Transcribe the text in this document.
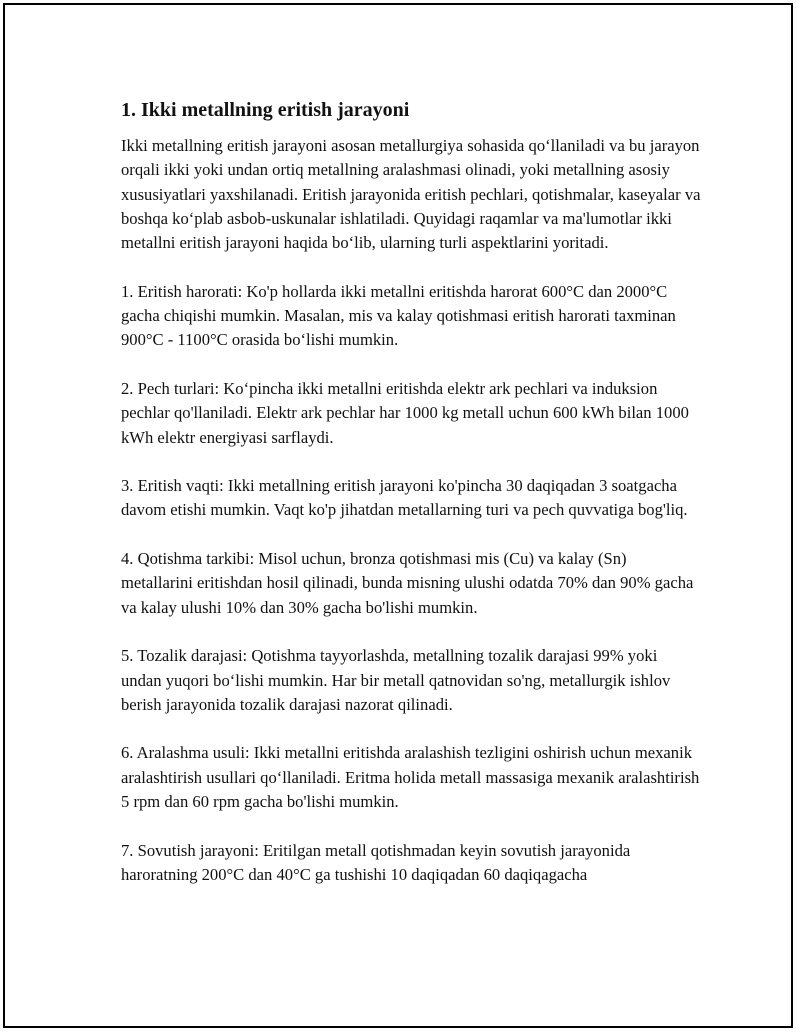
1. Ikki metallning eritish jarayoni

Ikki metallning eritish jarayoni asosan metallurgiya sohasida qo‘llaniladi va bu jarayon orqali ikki yoki undan ortiq metallning aralashmasi olinadi, yoki metallning asosiy xususiyatlari yaxshilanadi. Eritish jarayonida eritish pechlari, qotishmalar, kaseyalar va boshqa ko‘plab asbob-uskunalar ishlatiladi. Quyidagi raqamlar va ma'lumotlar ikki metallni eritish jarayoni haqida bo‘lib, ularning turli aspektlarini yoritadi.

1. Eritish harorati: Ko'p hollarda ikki metallni eritishda harorat 600°C dan 2000°C gacha chiqishi mumkin. Masalan, mis va kalay qotishmasi eritish harorati taxminan 900°C - 1100°C orasida bo‘lishi mumkin.

2. Pech turlari: Ko‘pincha ikki metallni eritishda elektr ark pechlari va induksion pechlar qo'llaniladi. Elektr ark pechlar har 1000 kg metall uchun 600 kWh bilan 1000 kWh elektr energiyasi sarflaydi.

3. Eritish vaqti: Ikki metallning eritish jarayoni ko'pincha 30 daqiqadan 3 soatgacha davom etishi mumkin. Vaqt ko'p jihatdan metallarning turi va pech quvvatiga bog'liq.

4. Qotishma tarkibi: Misol uchun, bronza qotishmasi mis (Cu) va kalay (Sn) metallarini eritishdan hosil qilinadi, bunda misning ulushi odatda 70% dan 90% gacha va kalay ulushi 10% dan 30% gacha bo'lishi mumkin.

5. Tozalik darajasi: Qotishma tayyorlashda, metallning tozalik darajasi 99% yoki undan yuqori bo‘lishi mumkin. Har bir metall qatnovidan so'ng, metallurgik ishlov berish jarayonida tozalik darajasi nazorat qilinadi.

6. Aralashma usuli: Ikki metallni eritishda aralashish tezligini oshirish uchun mexanik aralashtirish usullari qo‘llaniladi. Eritma holida metall massasiga mexanik aralashtirish 5 rpm dan 60 rpm gacha bo'lishi mumkin.

7. Sovutish jarayoni: Eritilgan metall qotishmadan keyin sovutish jarayonida haroratning 200°C dan 40°C ga tushishi 10 daqiqadan 60 daqiqagacha
